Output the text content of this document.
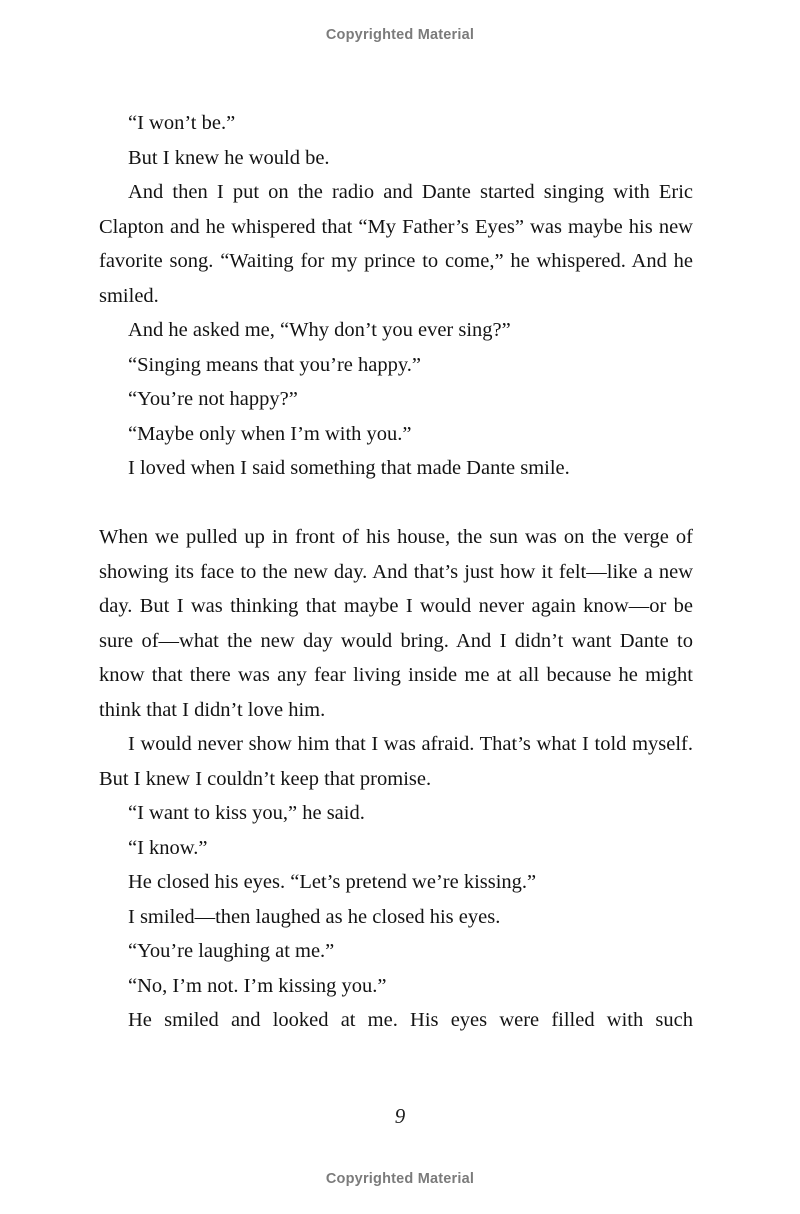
Copyrighted Material

“I won’t be.”

But I knew he would be.

And then I put on the radio and Dante started singing with Eric Clapton and he whispered that “My Father’s Eyes” was maybe his new favorite song. “Waiting for my prince to come,” he whispered. And he smiled.

And he asked me, “Why don’t you ever sing?”

“Singing means that you’re happy.”

“You’re not happy?”

“Maybe only when I’m with you.”

I loved when I said something that made Dante smile.

When we pulled up in front of his house, the sun was on the verge of showing its face to the new day. And that’s just how it felt—like a new day. But I was thinking that maybe I would never again know—or be sure of—what the new day would bring. And I didn’t want Dante to know that there was any fear living inside me at all because he might think that I didn’t love him.

I would never show him that I was afraid. That’s what I told myself. But I knew I couldn’t keep that promise.

“I want to kiss you,” he said.

“I know.”

He closed his eyes. “Let’s pretend we’re kissing.”

I smiled—then laughed as he closed his eyes.

“You’re laughing at me.”

“No, I’m not. I’m kissing you.”

He smiled and looked at me. His eyes were filled with such

9
Copyrighted Material
